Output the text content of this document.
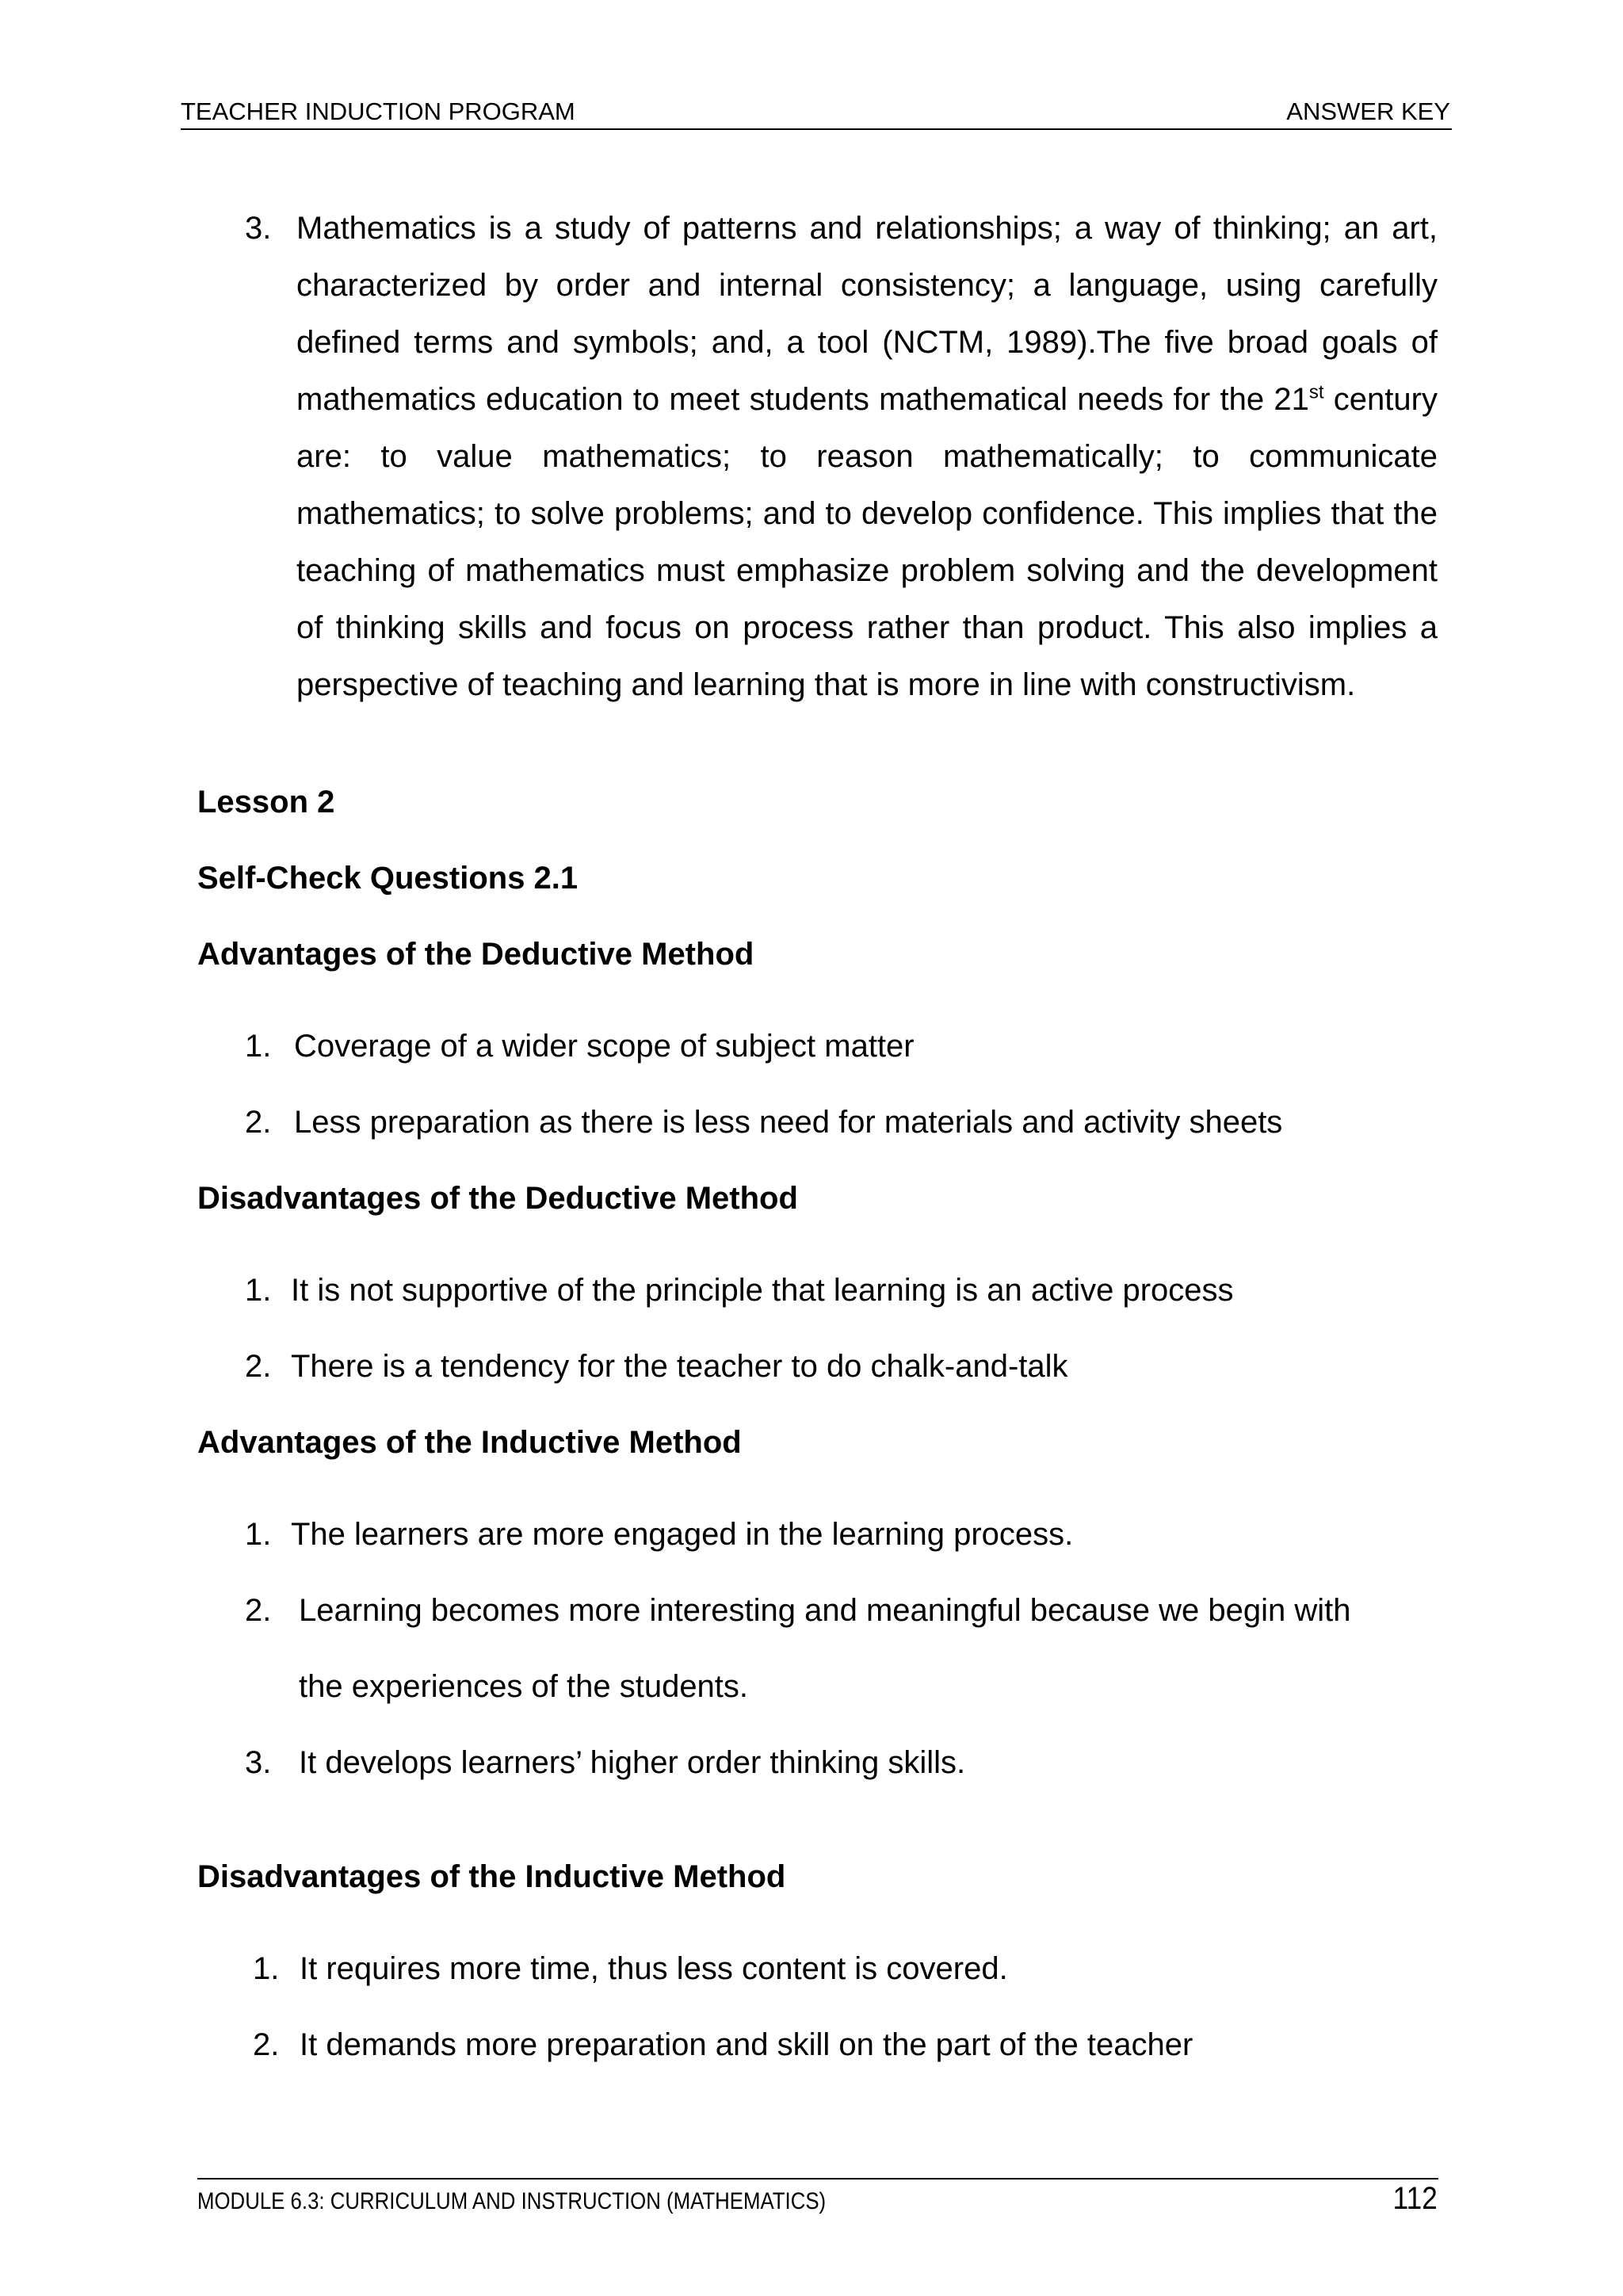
TEACHER INDUCTION PROGRAM	ANSWER KEY
3. Mathematics is a study of patterns and relationships; a way of thinking; an art, characterized by order and internal consistency; a language, using carefully defined terms and symbols; and, a tool (NCTM, 1989).The five broad goals of mathematics education to meet students mathematical needs for the 21st century are: to value mathematics; to reason mathematically; to communicate mathematics; to solve problems; and to develop confidence. This implies that the teaching of mathematics must emphasize problem solving and the development of thinking skills and focus on process rather than product. This also implies a perspective of teaching and learning that is more in line with constructivism.
Lesson 2
Self-Check Questions 2.1
Advantages of the Deductive Method
1. Coverage of a wider scope of subject matter
2. Less preparation as there is less need for materials and activity sheets
Disadvantages of the Deductive Method
1. It is not supportive of the principle that learning is an active process
2. There is a tendency for the teacher to do chalk-and-talk
Advantages of the Inductive Method
1. The learners are more engaged in the learning process.
2. Learning becomes more interesting and meaningful because we begin with
the experiences of the students.
3. It develops learners’ higher order thinking skills.
Disadvantages of the Inductive Method
1. It requires more time, thus less content is covered.
2. It demands more preparation and skill on the part of the teacher
MODULE 6.3: CURRICULUM AND INSTRUCTION (MATHEMATICS)	112
